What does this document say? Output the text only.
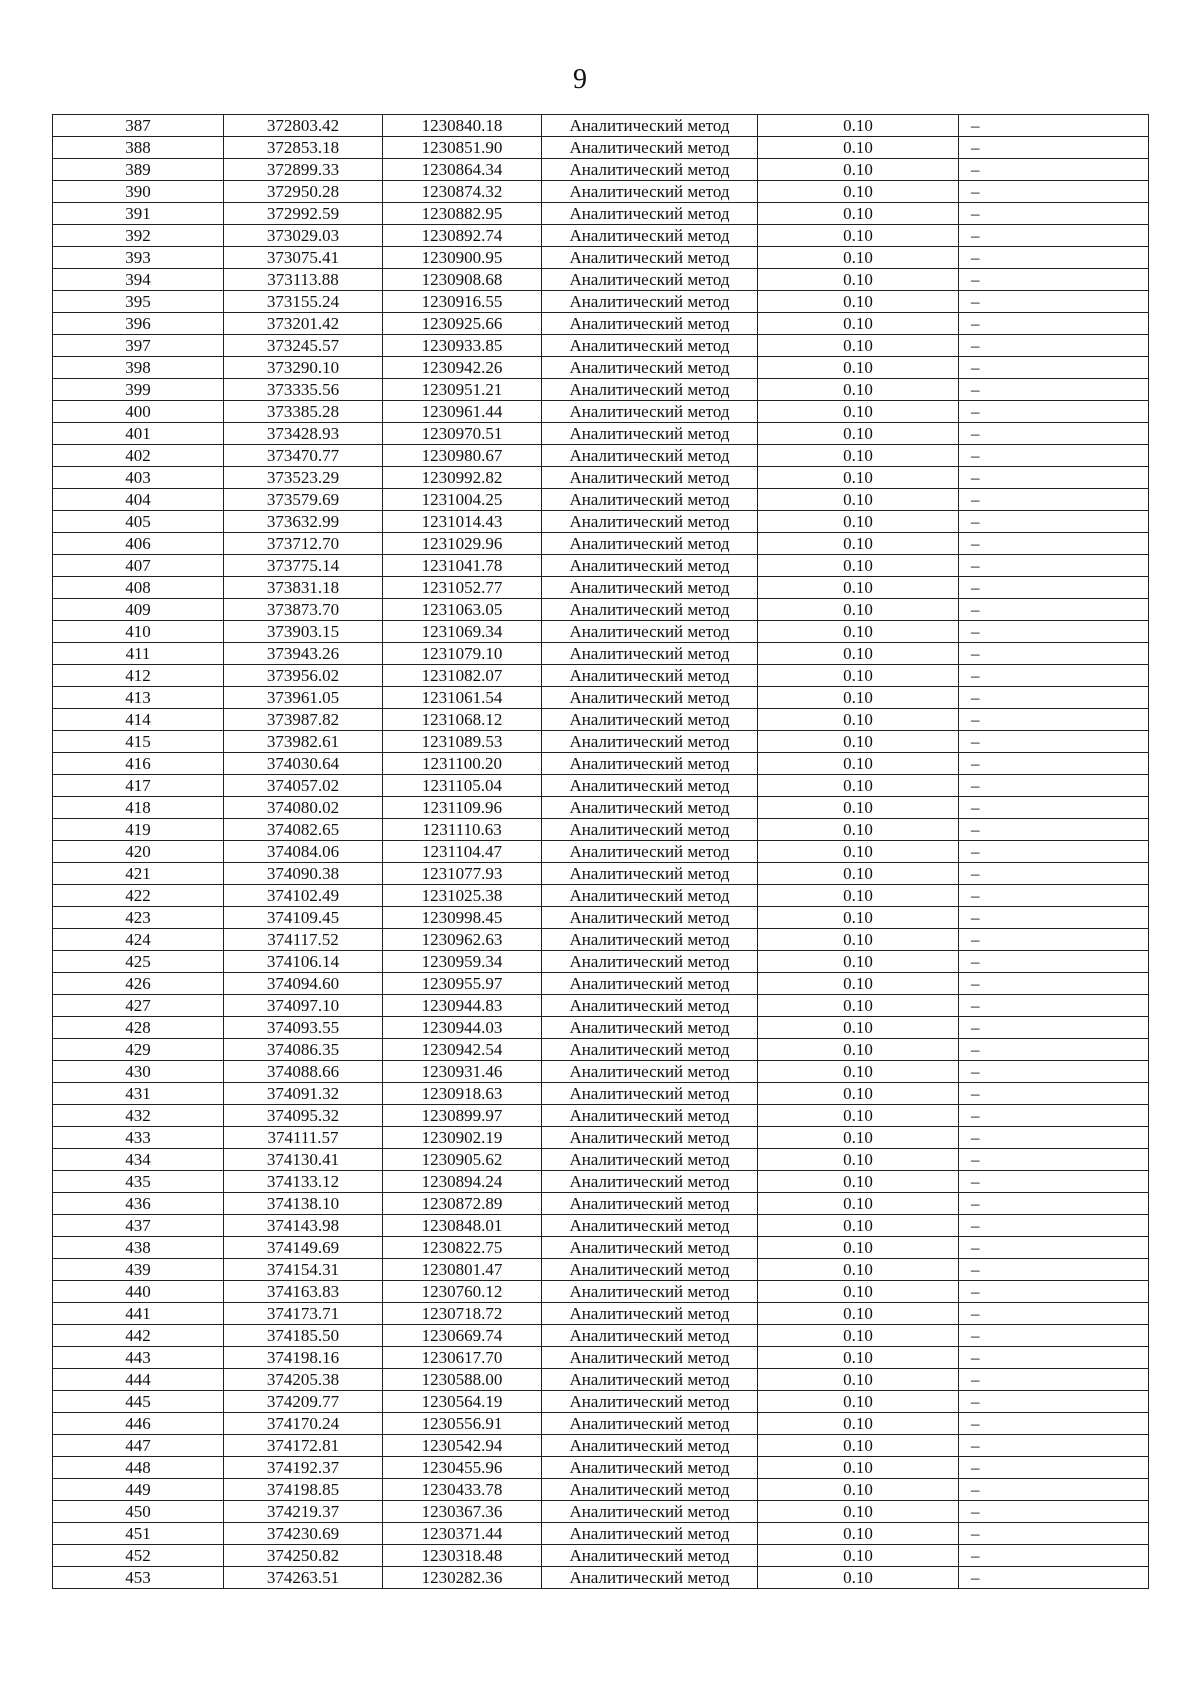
9
387	372803.42	1230840.18	Аналитический метод	0.10	–
388	372853.18	1230851.90	Аналитический метод	0.10	–
389	372899.33	1230864.34	Аналитический метод	0.10	–
390	372950.28	1230874.32	Аналитический метод	0.10	–
391	372992.59	1230882.95	Аналитический метод	0.10	–
392	373029.03	1230892.74	Аналитический метод	0.10	–
393	373075.41	1230900.95	Аналитический метод	0.10	–
394	373113.88	1230908.68	Аналитический метод	0.10	–
395	373155.24	1230916.55	Аналитический метод	0.10	–
396	373201.42	1230925.66	Аналитический метод	0.10	–
397	373245.57	1230933.85	Аналитический метод	0.10	–
398	373290.10	1230942.26	Аналитический метод	0.10	–
399	373335.56	1230951.21	Аналитический метод	0.10	–
400	373385.28	1230961.44	Аналитический метод	0.10	–
401	373428.93	1230970.51	Аналитический метод	0.10	–
402	373470.77	1230980.67	Аналитический метод	0.10	–
403	373523.29	1230992.82	Аналитический метод	0.10	–
404	373579.69	1231004.25	Аналитический метод	0.10	–
405	373632.99	1231014.43	Аналитический метод	0.10	–
406	373712.70	1231029.96	Аналитический метод	0.10	–
407	373775.14	1231041.78	Аналитический метод	0.10	–
408	373831.18	1231052.77	Аналитический метод	0.10	–
409	373873.70	1231063.05	Аналитический метод	0.10	–
410	373903.15	1231069.34	Аналитический метод	0.10	–
411	373943.26	1231079.10	Аналитический метод	0.10	–
412	373956.02	1231082.07	Аналитический метод	0.10	–
413	373961.05	1231061.54	Аналитический метод	0.10	–
414	373987.82	1231068.12	Аналитический метод	0.10	–
415	373982.61	1231089.53	Аналитический метод	0.10	–
416	374030.64	1231100.20	Аналитический метод	0.10	–
417	374057.02	1231105.04	Аналитический метод	0.10	–
418	374080.02	1231109.96	Аналитический метод	0.10	–
419	374082.65	1231110.63	Аналитический метод	0.10	–
420	374084.06	1231104.47	Аналитический метод	0.10	–
421	374090.38	1231077.93	Аналитический метод	0.10	–
422	374102.49	1231025.38	Аналитический метод	0.10	–
423	374109.45	1230998.45	Аналитический метод	0.10	–
424	374117.52	1230962.63	Аналитический метод	0.10	–
425	374106.14	1230959.34	Аналитический метод	0.10	–
426	374094.60	1230955.97	Аналитический метод	0.10	–
427	374097.10	1230944.83	Аналитический метод	0.10	–
428	374093.55	1230944.03	Аналитический метод	0.10	–
429	374086.35	1230942.54	Аналитический метод	0.10	–
430	374088.66	1230931.46	Аналитический метод	0.10	–
431	374091.32	1230918.63	Аналитический метод	0.10	–
432	374095.32	1230899.97	Аналитический метод	0.10	–
433	374111.57	1230902.19	Аналитический метод	0.10	–
434	374130.41	1230905.62	Аналитический метод	0.10	–
435	374133.12	1230894.24	Аналитический метод	0.10	–
436	374138.10	1230872.89	Аналитический метод	0.10	–
437	374143.98	1230848.01	Аналитический метод	0.10	–
438	374149.69	1230822.75	Аналитический метод	0.10	–
439	374154.31	1230801.47	Аналитический метод	0.10	–
440	374163.83	1230760.12	Аналитический метод	0.10	–
441	374173.71	1230718.72	Аналитический метод	0.10	–
442	374185.50	1230669.74	Аналитический метод	0.10	–
443	374198.16	1230617.70	Аналитический метод	0.10	–
444	374205.38	1230588.00	Аналитический метод	0.10	–
445	374209.77	1230564.19	Аналитический метод	0.10	–
446	374170.24	1230556.91	Аналитический метод	0.10	–
447	374172.81	1230542.94	Аналитический метод	0.10	–
448	374192.37	1230455.96	Аналитический метод	0.10	–
449	374198.85	1230433.78	Аналитический метод	0.10	–
450	374219.37	1230367.36	Аналитический метод	0.10	–
451	374230.69	1230371.44	Аналитический метод	0.10	–
452	374250.82	1230318.48	Аналитический метод	0.10	–
453	374263.51	1230282.36	Аналитический метод	0.10	–
